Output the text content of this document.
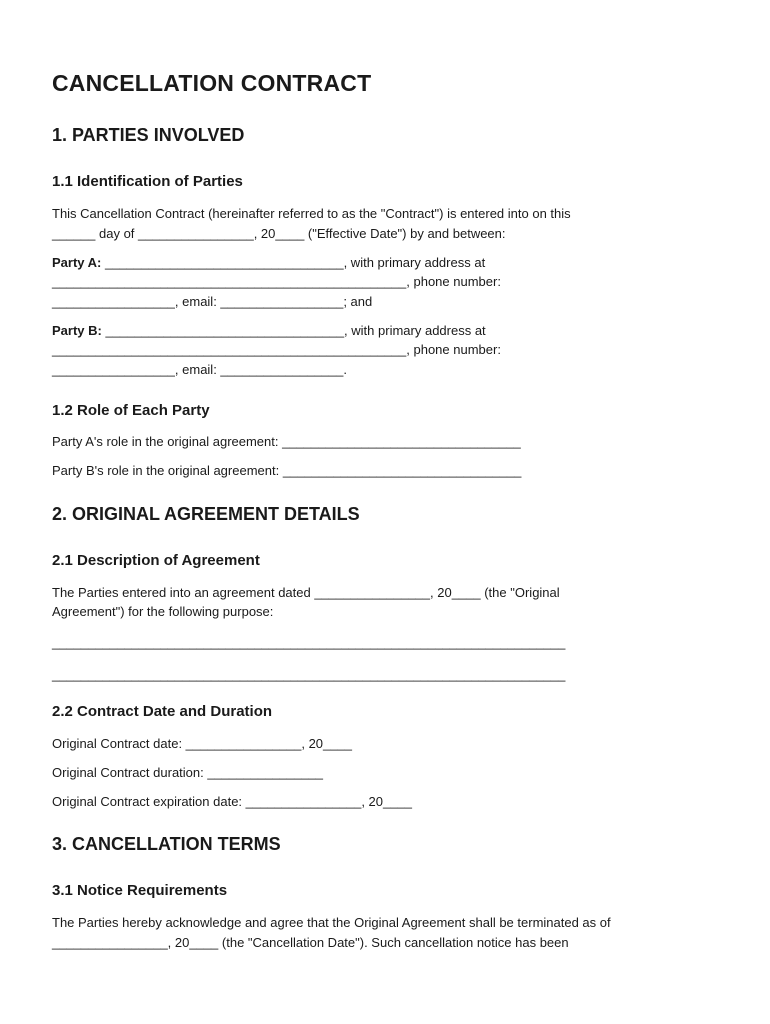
CANCELLATION CONTRACT
1. PARTIES INVOLVED
1.1 Identification of Parties

This Cancellation Contract (hereinafter referred to as the "Contract") is entered into on this

______ day of ________________, 20____ ("Effective Date") by and between:

Party A: _________________________________, with primary address at

_________________________________________________, phone number:

_________________, email: _________________; and

Party B: _________________________________, with primary address at

_________________________________________________, phone number:

_________________, email: _________________.

1.2 Role of Each Party

Party A's role in the original agreement: _________________________________

Party B's role in the original agreement: _________________________________

2. ORIGINAL AGREEMENT DETAILS
2.1 Description of Agreement

The Parties entered into an agreement dated ________________, 20____ (the "Original

Agreement") for the following purpose:

_______________________________________________________________________

_______________________________________________________________________

2.2 Contract Date and Duration

Original Contract date: ________________, 20____

Original Contract duration: ________________

Original Contract expiration date: ________________, 20____

3. CANCELLATION TERMS
3.1 Notice Requirements

The Parties hereby acknowledge and agree that the Original Agreement shall be terminated as of

________________, 20____ (the "Cancellation Date"). Such cancellation notice has been
